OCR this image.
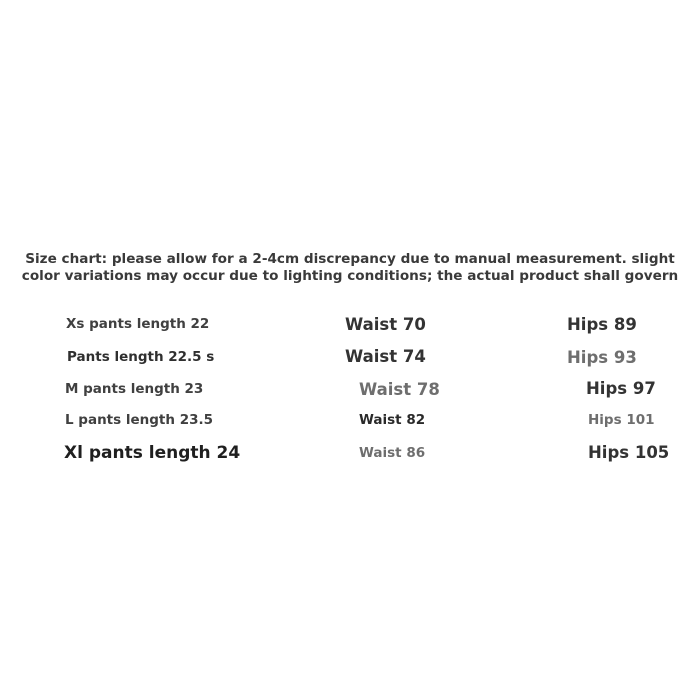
Size chart: please allow for a 2-4cm discrepancy due to manual measurement. slight
color variations may occur due to lighting conditions; the actual product shall govern
Xs pants length 22	Waist 70	Hips 89
Pants length 22.5 s	Waist 74	Hips 93
M pants length 23	Waist 78	Hips 97
L pants length 23.5	Waist 82	Hips 101
Xl pants length 24	Waist 86	Hips 105
